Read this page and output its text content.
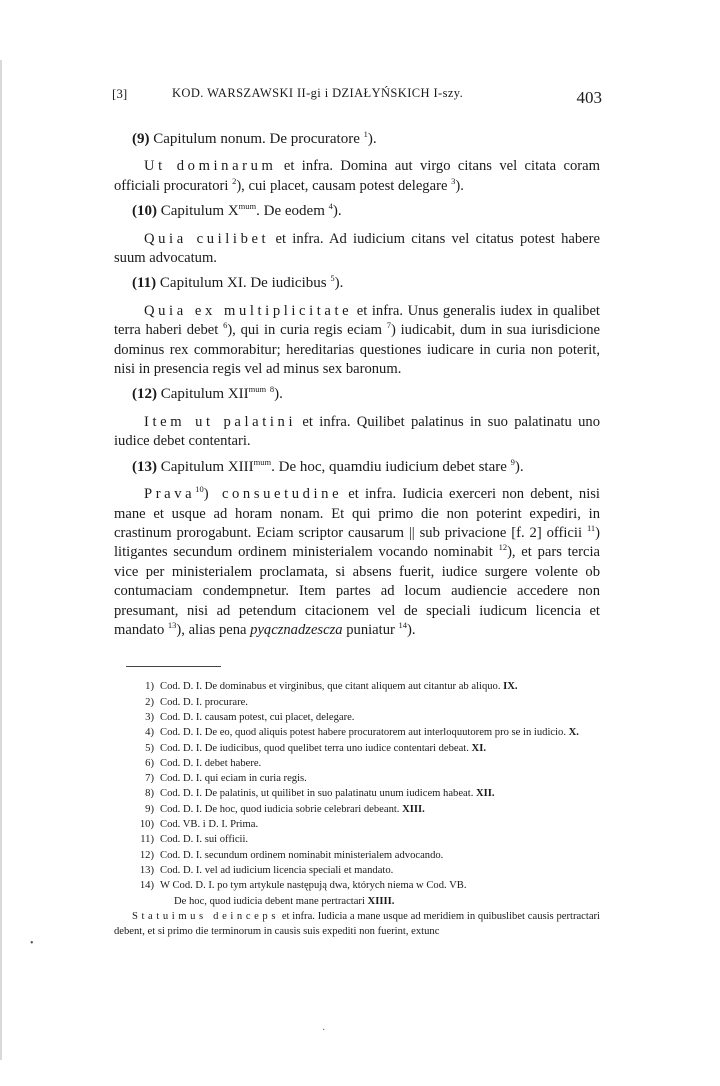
[3]	KOD. WARSZAWSKI II-gi i DZIAŁYŃSKICH I-szy.	403

(9) Capitulum nonum. De procuratore $^1$).

Ut dominarum et infra. Domina aut virgo citans vel citata coram officiali procuratori $^2$), cui placet, causam potest delegare $^3$).

(10) Capitulum $X^{mum}$. De eodem $^4$).

Quia cuilibet et infra. Ad iudicium citans vel citatus potest habere suum advocatum.

(11) Capitulum XI. De iudicibus $^5$).

Quia ex multiplicitate et infra. Unus generalis iudex in qualibet terra haberi debet $^6$), qui in curia regis eciam $^7$) iudicabit, dum in sua iurisdicione dominus rex commorabitur; hereditarias questiones iudicare in curia non poterit, nisi in presencia regis vel ad minus sex baronum.

(12) Capitulum $XII^{mum}$ $^8$).

Item ut palatini et infra. Quilibet palatinus in suo palatinatu uno iudice debet contentari.

(13) Capitulum $XIII^{mum}$. De hoc, quamdiu iudicium debet stare $^9$).

Prava$^{10}$) consuetudine et infra. Iudicia exerceri non debent, nisi mane et usque ad horam nonam. Et qui primo die non poterint expediri, in crastinum prorogabunt. Eciam scriptor causarum || sub privacione [f. 2] officii $^{11}$) litigantes secundum ordinem ministerialem vocando nominabit $^{12}$), et pars tercia vice per ministerialem proclamata, si absens fuerit, iudice surgere volente ob contumaciam condempnetur. Item partes ad locum audiencie accedere non presumant, nisi ad petendum citacionem vel de speciali iudicum licencia et mandato $^{13}$), alias pena pyąсznadzescza puniatur $^{14}$).

1) Cod. D. I. De dominabus et virginibus, que citant aliquem aut citantur ab aliquo. IX.
2) Cod. D. I. procurare.
3) Cod. D. I. causam potest, cui placet, delegare.
4) Cod. D. I. De eo, quod aliquis potest habere procuratorem aut interloquutorem pro se in iudicio. X.
5) Cod. D. I. De iudicibus, quod quelibet terra uno iudice contentari debeat. XI.
6) Cod. D. I. debet habere.
7) Cod. D. I. qui eciam in curia regis.
8) Cod. D. I. De palatinis, ut quilibet in suo palatinatu unum iudicem habeat. XII.
9) Cod. D. I. De hoc, quod iudicia sobrie celebrari debeant. XIII.
10) Cod. VB. i D. I. Prima.
11) Cod. D. I. sui officii.
12) Cod. D. I. secundum ordinem nominabit ministerialem advocando.
13) Cod. D. I. vel ad iudicium licencia speciali et mandato.
14) W Cod. D. I. po tym artykule następują dwa, których niema w Cod. VB.
De hoc, quod iudicia debent mane pertractari XIIII.
Statuimus deinceps et infra. Iudicia a mane usque ad meridiem in quibuslibet causis pertractari debent, et si primo die terminorum in causis suis expediti non fuerint, extunc
•
·
